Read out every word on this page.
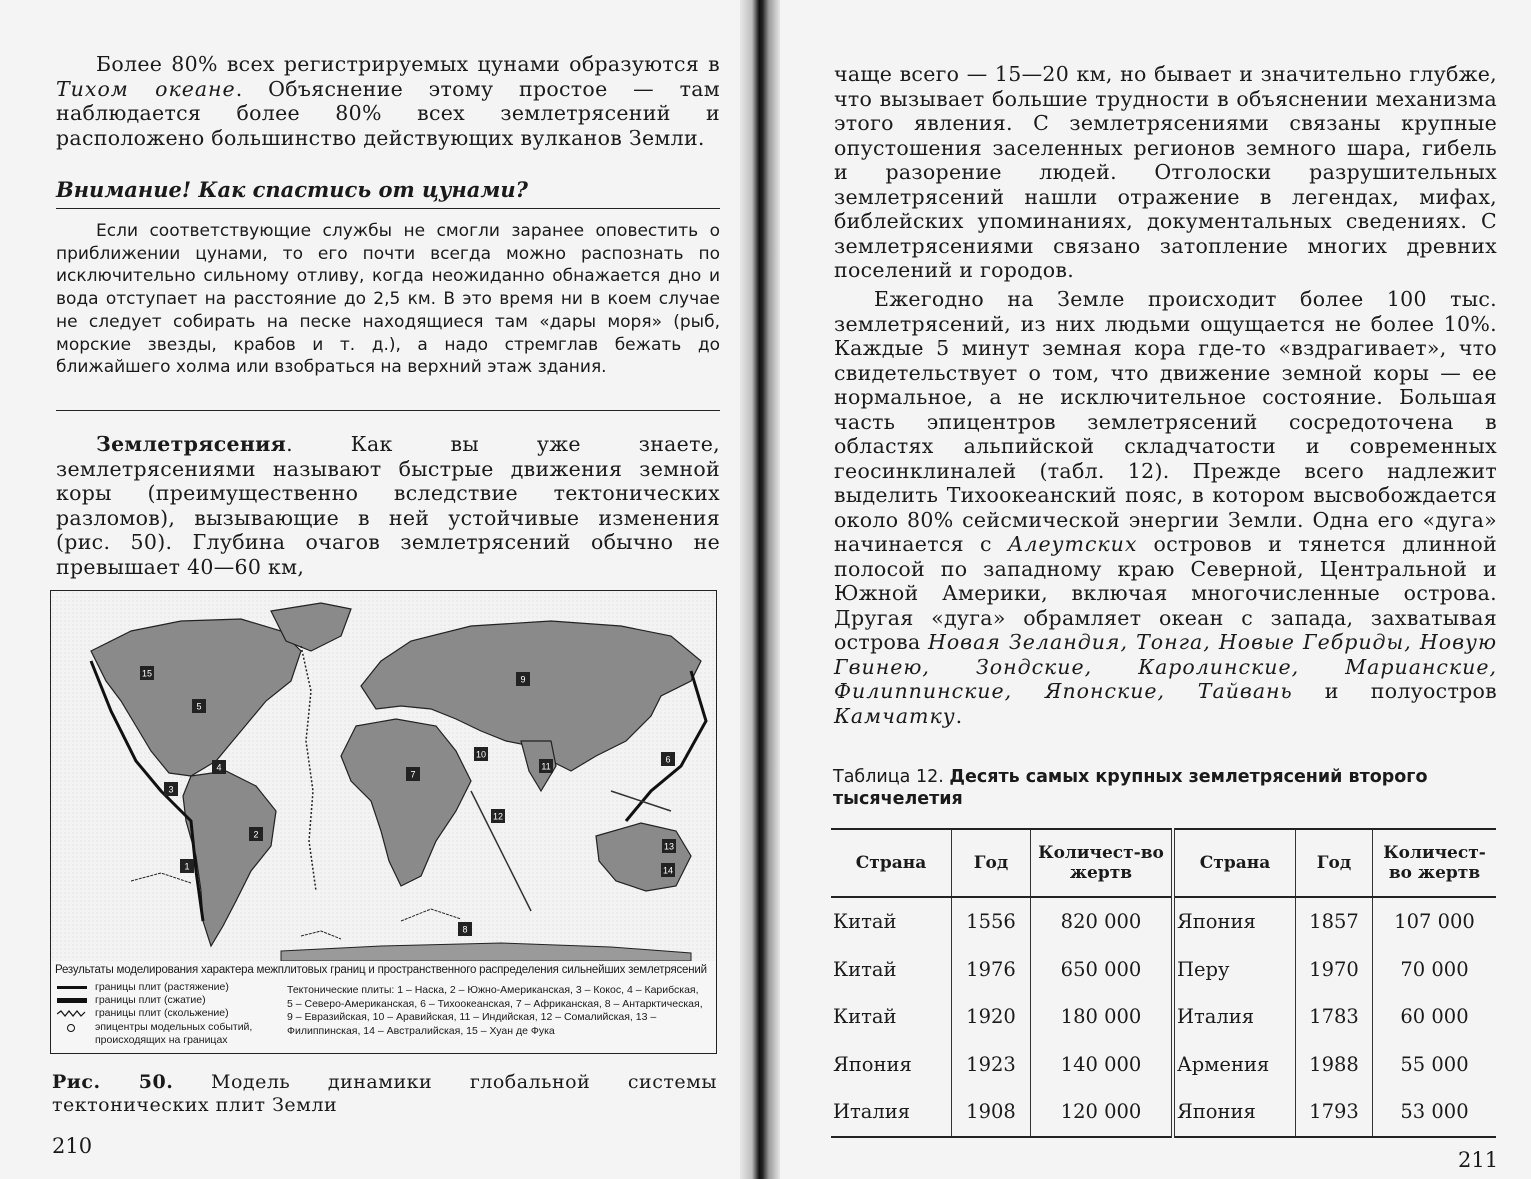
Более 80% всех регистрируемых цунами образуются в Тихом океане. Объяснение этому простое — там наблюдается более 80% всех землетрясений и расположено большинство действующих вулканов Земли.
Внимание! Как спастись от цунами?
Если соответствующие службы не смогли заранее оповестить о приближении цунами, то его почти всегда можно распознать по исключительно сильному отливу, когда неожиданно обнажается дно и вода отступает на расстояние до 2,5 км. В это время ни в коем случае не следует собирать на песке находящиеся там «дары моря» (рыб, морские звезды, крабов и т. д.), а надо стремглав бежать до ближайшего холма или взобраться на верхний этаж здания.
Землетрясения. Как вы уже знаете, землетрясениями называют быстрые движения земной коры (преимущественно вследствие тектонических разломов), вызывающие в ней устойчивые изменения (рис. 50). Глубина очагов землетрясений обычно не превышает 40—60 км,
1
2
3
4
5
6
7
8
9
10
11
12
13
14
15
Результаты моделирования характера межплитовых границ и пространственного распределения сильнейших землетрясений
границы плит (растяжение)
границы плит (сжатие)
границы плит (скольжение)
эпицентры модельных событий, происходящих на границах
Тектонические плиты: 1 – Наска, 2 – Южно-Американская, 3 – Кокос, 4 – Карибская, 5 – Северо-Американская, 6 – Тихоокеанская, 7 – Африканская, 8 – Антарктическая, 9 – Евразийская, 10 – Аравийская, 11 – Индийская, 12 – Сомалийская, 13 – Филиппинская, 14 – Австралийская, 15 – Хуан де Фука
Рис. 50. Модель динамики глобальной системы тектонических плит Земли
210
чаще всего — 15—20 км, но бывает и значительно глубже, что вызывает большие трудности в объяснении механизма этого явления. С землетрясениями связаны крупные опустошения заселенных регионов земного шара, гибель и разорение людей. Отголоски разрушительных землетрясений нашли отражение в легендах, мифах, библейских упоминаниях, документальных сведениях. С землетрясениями связано затопление многих древних поселений и городов.
Ежегодно на Земле происходит более 100 тыс. землетрясений, из них людьми ощущается не более 10%. Каждые 5 минут земная кора где-то «вздрагивает», что свидетельствует о том, что движение земной коры — ее нормальное, а не исключительное состояние. Большая часть эпицентров землетрясений сосредоточена в областях альпийской складчатости и современных геосинклиналей (табл. 12). Прежде всего надлежит выделить Тихоокеанский пояс, в котором высвобождается около 80% сейсмической энергии Земли. Одна его «дуга» начинается с Алеутских островов и тянется длинной полосой по западному краю Северной, Центральной и Южной Америки, включая многочисленные острова. Другая «дуга» обрамляет океан с запада, захватывая острова Новая Зеландия, Тонга, Новые Гебриды, Новую Гвинею, Зондские, Каролинские, Марианские, Филиппинские, Японские, Тайвань и полуостров Камчатку.
Таблица 12. Десять самых крупных землетрясений второго тысячелетия
Страна	Год	Количест-во жертв	Страна	Год	Количест-во жертв
Китай	1556	820 000	Япония	1857	107 000
Китай	1976	650 000	Перу	1970	70 000
Китай	1920	180 000	Италия	1783	60 000
Япония	1923	140 000	Армения	1988	55 000
Италия	1908	120 000	Япония	1793	53 000
211
